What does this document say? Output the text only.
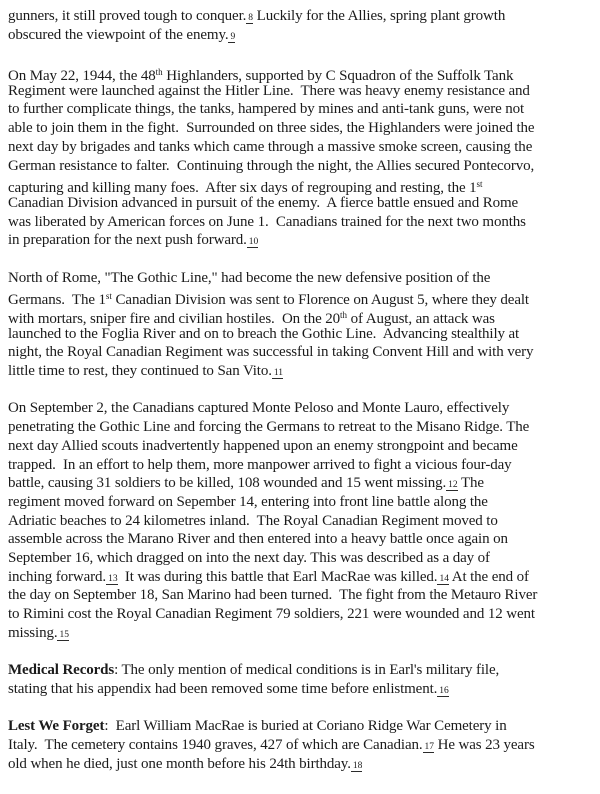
gunners, it still proved tough to conquer. 8 Luckily for the Allies, spring plant growth
obscured the viewpoint of the enemy. 9
On May 22, 1944, the 48th Highlanders, supported by C Squadron of the Suffolk Tank
Regiment were launched against the Hitler Line.  There was heavy enemy resistance and
to further complicate things, the tanks, hampered by mines and anti-tank guns, were not
able to join them in the fight.  Surrounded on three sides, the Highlanders were joined the
next day by brigades and tanks which came through a massive smoke screen, causing the
German resistance to falter.  Continuing through the night, the Allies secured Pontecorvo,
capturing and killing many foes.  After six days of regrouping and resting, the 1st
Canadian Division advanced in pursuit of the enemy.  A fierce battle ensued and Rome
was liberated by American forces on June 1.  Canadians trained for the next two months
in preparation for the next push forward. 10
North of Rome, "The Gothic Line," had become the new defensive position of the
Germans.  The 1st Canadian Division was sent to Florence on August 5, where they dealt
with mortars, sniper fire and civilian hostiles.  On the 20th of August, an attack was
launched to the Foglia River and on to breach the Gothic Line.  Advancing stealthily at
night, the Royal Canadian Regiment was successful in taking Convent Hill and with very
little time to rest, they continued to San Vito. 11
On September 2, the Canadians captured Monte Peloso and Monte Lauro, effectively
penetrating the Gothic Line and forcing the Germans to retreat to the Misano Ridge. The
next day Allied scouts inadvertently happened upon an enemy strongpoint and became
trapped.  In an effort to help them, more manpower arrived to fight a vicious four-day
battle, causing 31 soldiers to be killed, 108 wounded and 15 went missing. 12 The
regiment moved forward on Sepember 14, entering into front line battle along the
Adriatic beaches to 24 kilometres inland.  The Royal Canadian Regiment moved to
assemble across the Marano River and then entered into a heavy battle once again on
September 16, which dragged on into the next day. This was described as a day of
inching forward. 13  It was during this battle that Earl MacRae was killed. 14 At the end of
the day on September 18, San Marino had been turned.  The fight from the Metauro River
to Rimini cost the Royal Canadian Regiment 79 soldiers, 221 were wounded and 12 went
missing. 15
Medical Records: The only mention of medical conditions is in Earl's military file,
stating that his appendix had been removed some time before enlistment. 16
Lest We Forget:  Earl William MacRae is buried at Coriano Ridge War Cemetery in
Italy.  The cemetery contains 1940 graves, 427 of which are Canadian. 17 He was 23 years
old when he died, just one month before his 24th birthday. 18
